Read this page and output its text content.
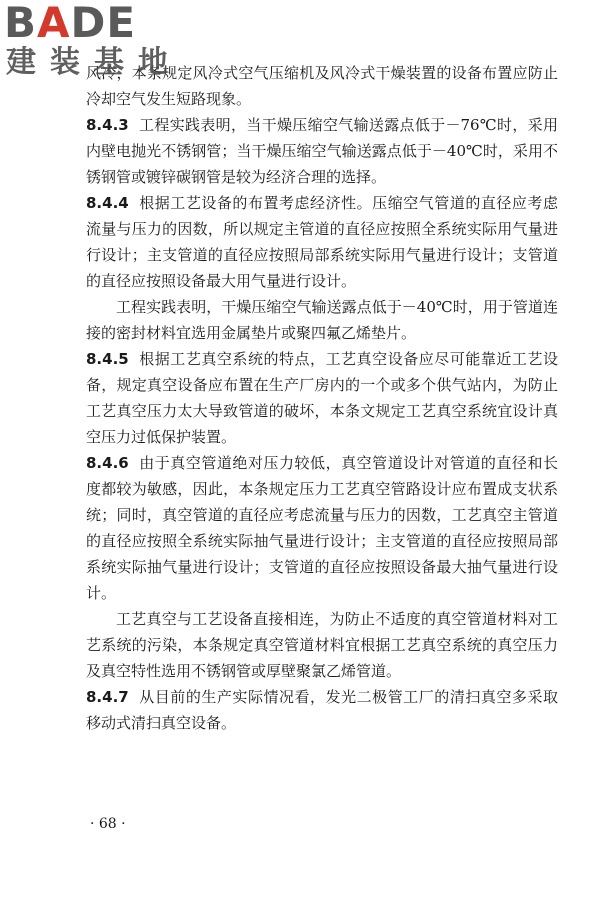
BADE
建装基地

风冷，本条规定风冷式空气压缩机及风冷式干燥装置的设备布置应防止冷却空气发生短路现象。

8.4.3 工程实践表明，当干燥压缩空气输送露点低于－76℃时，采用内壁电抛光不锈钢管；当干燥压缩空气输送露点低于－40℃时，采用不锈钢管或镀锌碳钢管是较为经济合理的选择。

8.4.4 根据工艺设备的布置考虑经济性。压缩空气管道的直径应考虑流量与压力的因数，所以规定主管道的直径应按照全系统实际用气量进行设计；主支管道的直径应按照局部系统实际用气量进行设计；支管道的直径应按照设备最大用气量进行设计。

工程实践表明，干燥压缩空气输送露点低于－40℃时，用于管道连接的密封材料宜选用金属垫片或聚四氟乙烯垫片。

8.4.5 根据工艺真空系统的特点，工艺真空设备应尽可能靠近工艺设备，规定真空设备应布置在生产厂房内的一个或多个供气站内，为防止工艺真空压力太大导致管道的破坏，本条文规定工艺真空系统宜设计真空压力过低保护装置。

8.4.6 由于真空管道绝对压力较低，真空管道设计对管道的直径和长度都较为敏感，因此，本条规定压力工艺真空管路设计应布置成支状系统；同时，真空管道的直径应考虑流量与压力的因数，工艺真空主管道的直径应按照全系统实际抽气量进行设计；主支管道的直径应按照局部系统实际抽气量进行设计；支管道的直径应按照设备最大抽气量进行设计。

工艺真空与工艺设备直接相连，为防止不适度的真空管道材料对工艺系统的污染，本条规定真空管道材料宜根据工艺真空系统的真空压力及真空特性选用不锈钢管或厚壁聚氯乙烯管道。

8.4.7 从目前的生产实际情况看，发光二极管工厂的清扫真空多采取移动式清扫真空设备。

· 68 ·
